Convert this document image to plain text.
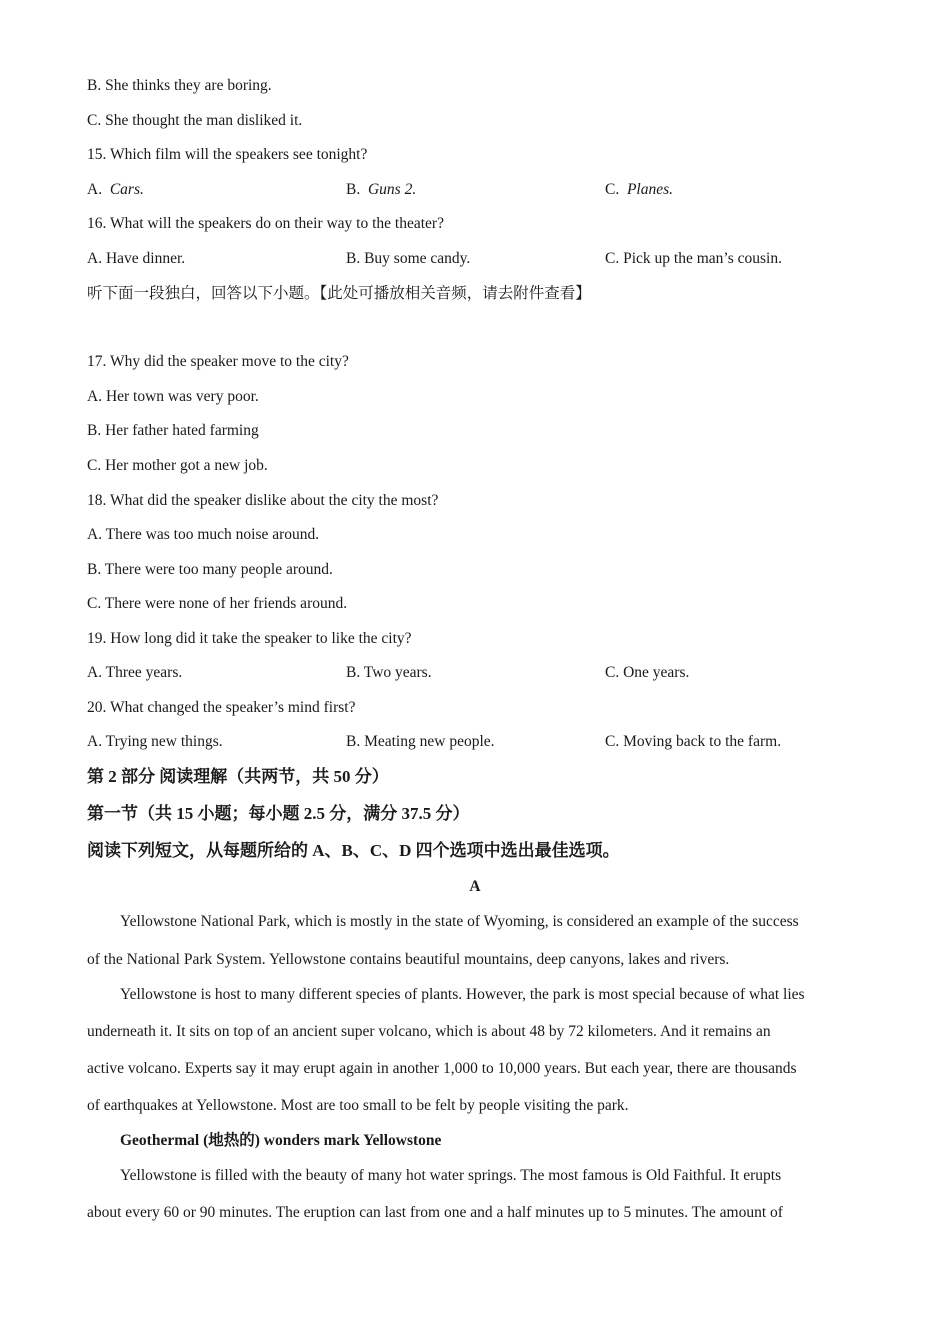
B. She thinks they are boring.
C. She thought the man disliked it.
15. Which film will the speakers see tonight?
A. Cars.	B. Guns 2.	C. Planes.
16. What will the speakers do on their way to the theater?
A. Have dinner.	B. Buy some candy.	C. Pick up the man’s cousin.
听下面一段独白，回答以下小题。【此处可播放相关音频，请去附件查看】
17. Why did the speaker move to the city?
A. Her town was very poor.
B. Her father hated farming
C. Her mother got a new job.
18. What did the speaker dislike about the city the most?
A. There was too much noise around.
B. There were too many people around.
C. There were none of her friends around.
19. How long did it take the speaker to like the city?
A. Three years.	B. Two years.	C. One years.
20. What changed the speaker’s mind first?
A. Trying new things.	B. Meating new people.	C. Moving back to the farm.
第 2 部分 阅读理解（共两节，共 50 分）
第一节（共 15 小题；每小题 2.5 分，满分 37.5 分）
阅读下列短文，从每题所给的 A、B、C、D 四个选项中选出最佳选项。
A
Yellowstone National Park, which is mostly in the state of Wyoming, is considered an example of the success
of the National Park System. Yellowstone contains beautiful mountains, deep canyons, lakes and rivers.
Yellowstone is host to many different species of plants. However, the park is most special because of what lies
underneath it. It sits on top of an ancient super volcano, which is about 48 by 72 kilometers. And it remains an
active volcano. Experts say it may erupt again in another 1,000 to 10,000 years. But each year, there are thousands
of earthquakes at Yellowstone. Most are too small to be felt by people visiting the park.
Geothermal (地热的) wonders mark Yellowstone
Yellowstone is filled with the beauty of many hot water springs. The most famous is Old Faithful. It erupts
about every 60 or 90 minutes. The eruption can last from one and a half minutes up to 5 minutes. The amount of
